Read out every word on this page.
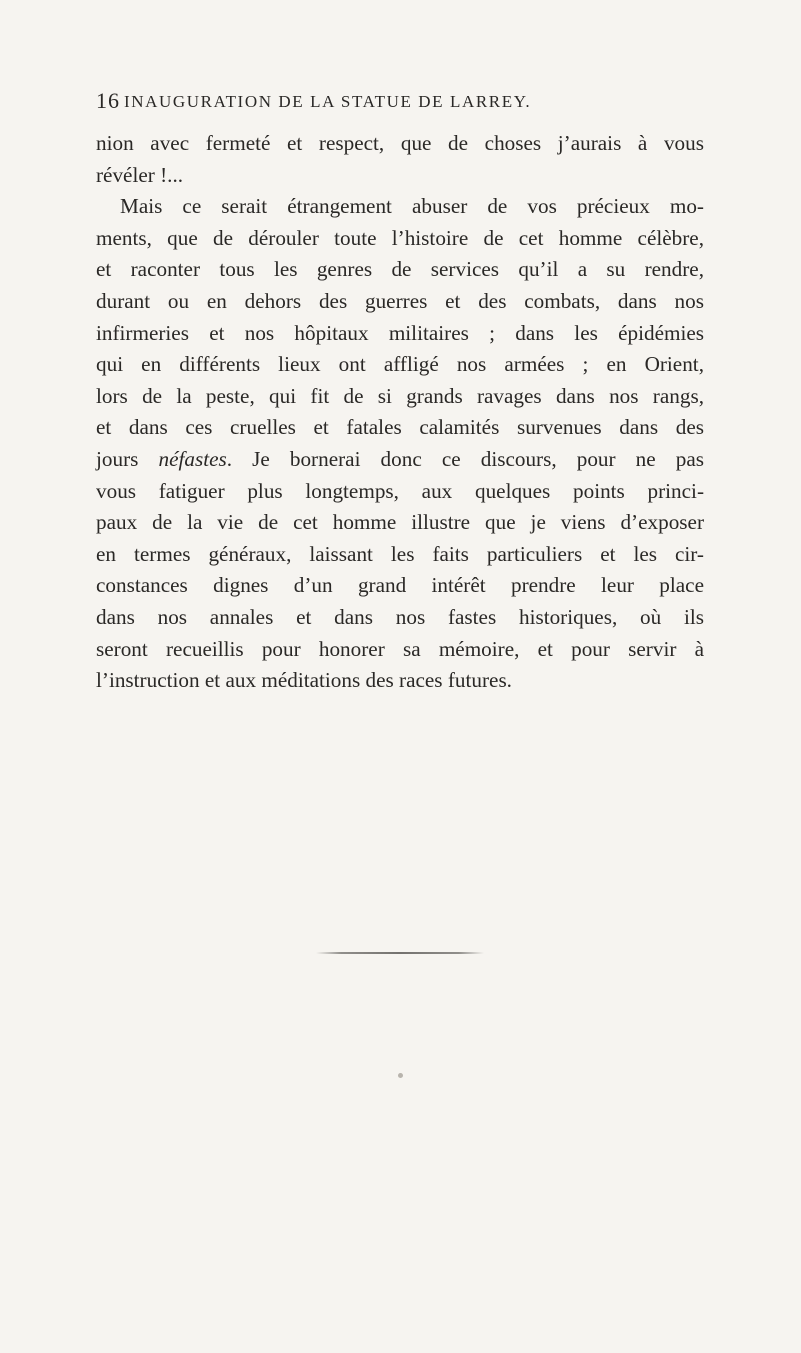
16 INAUGURATION DE LA STATUE DE LARREY.
nion avec fermeté et respect, que de choses j’aurais à vous
révéler !...
Mais ce serait étrangement abuser de vos précieux mo-
ments, que de dérouler toute l’histoire de cet homme célèbre,
et raconter tous les genres de services qu’il a su rendre,
durant ou en dehors des guerres et des combats, dans nos
infirmeries et nos hôpitaux militaires ; dans les épidémies
qui en différents lieux ont affligé nos armées ; en Orient,
lors de la peste, qui fit de si grands ravages dans nos rangs,
et dans ces cruelles et fatales calamités survenues dans des
jours néfastes. Je bornerai donc ce discours, pour ne pas
vous fatiguer plus longtemps, aux quelques points princi-
paux de la vie de cet homme illustre que je viens d’exposer
en termes généraux, laissant les faits particuliers et les cir-
constances dignes d’un grand intérêt prendre leur place
dans nos annales et dans nos fastes historiques, où ils
seront recueillis pour honorer sa mémoire, et pour servir à
l’instruction et aux méditations des races futures.
